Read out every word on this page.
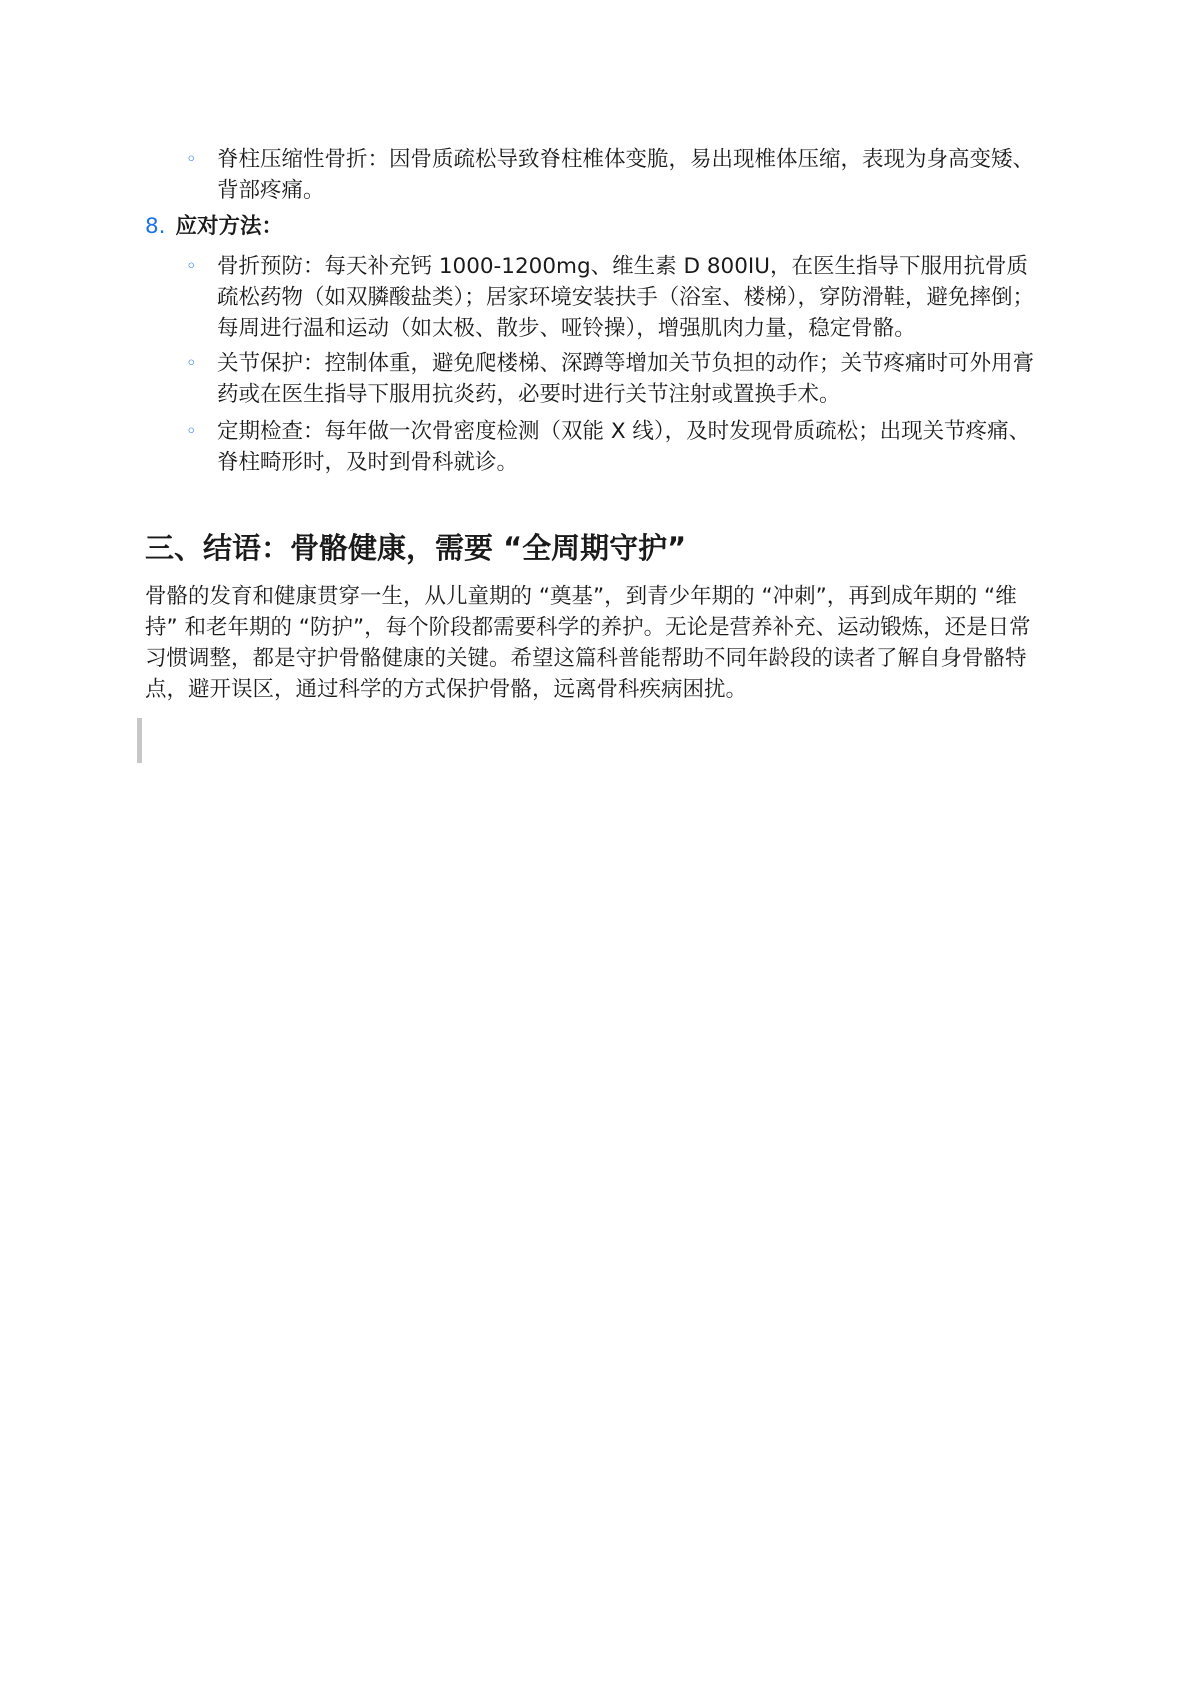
◦ 脊柱压缩性骨折：因骨质疏松导致脊柱椎体变脆，易出现椎体压缩，表现为身高变矮、背部疼痛。
8. 应对方法：
◦ 骨折预防：每天补充钙 1000-1200mg、维生素 D 800IU，在医生指导下服用抗骨质疏松药物（如双膦酸盐类）；居家环境安装扶手（浴室、楼梯），穿防滑鞋，避免摔倒；每周进行温和运动（如太极、散步、哑铃操），增强肌肉力量，稳定骨骼。
◦ 关节保护：控制体重，避免爬楼梯、深蹲等增加关节负担的动作；关节疼痛时可外用膏药或在医生指导下服用抗炎药，必要时进行关节注射或置换手术。
◦ 定期检查：每年做一次骨密度检测（双能 X 线），及时发现骨质疏松；出现关节疼痛、脊柱畸形时，及时到骨科就诊。
三、结语：骨骼健康，需要 “全周期守护”

骨骼的发育和健康贯穿一生，从儿童期的 “奠基”，到青少年期的 “冲刺”，再到成年期的 “维持” 和老年期的 “防护”，每个阶段都需要科学的养护。无论是营养补充、运动锻炼，还是日常习惯调整，都是守护骨骼健康的关键。希望这篇科普能帮助不同年龄段的读者了解自身骨骼特点，避开误区，通过科学的方式保护骨骼，远离骨科疾病困扰。
